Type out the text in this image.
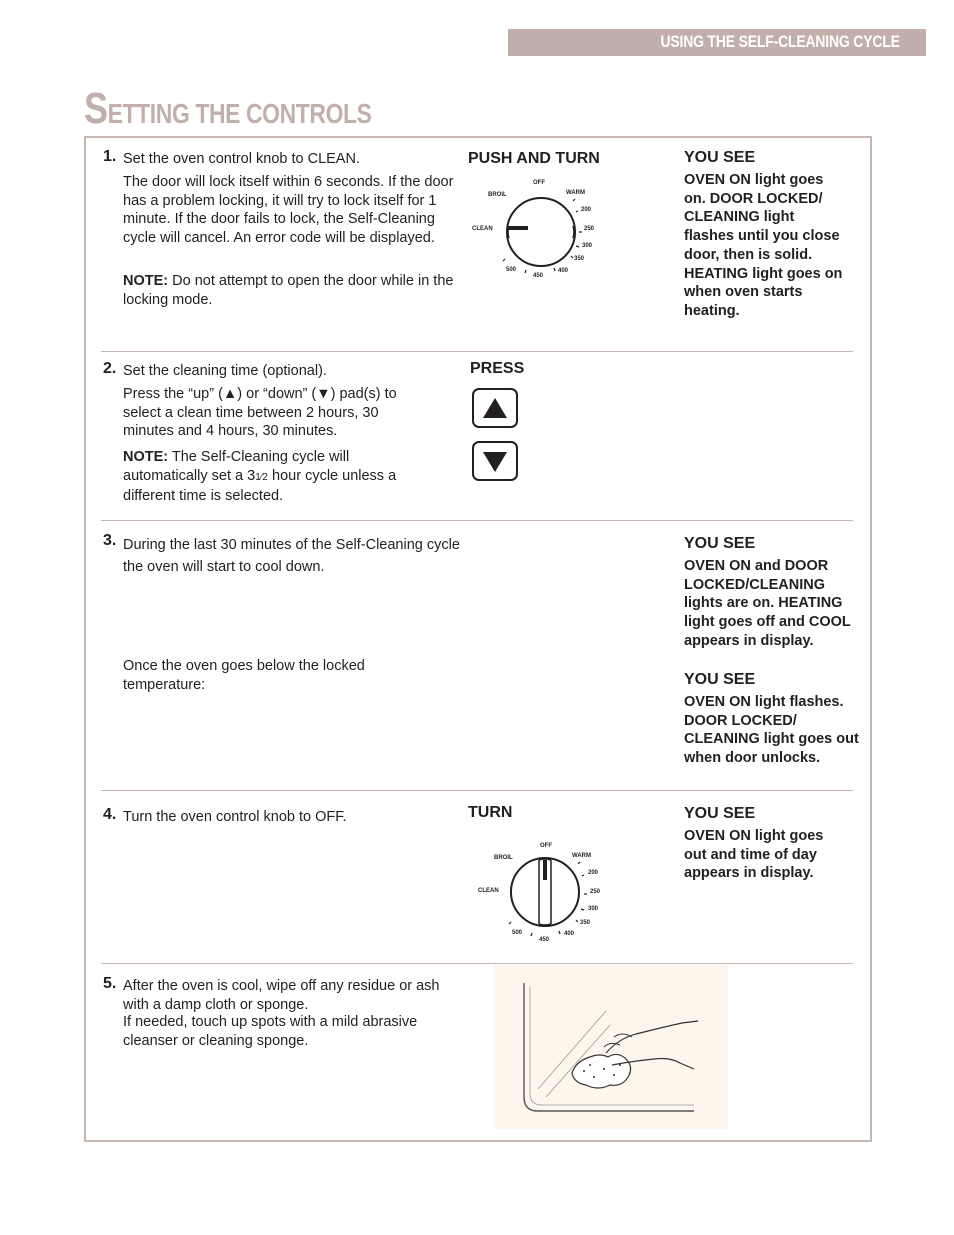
USING THE SELF-CLEANING CYCLE
SETTING THE CONTROLS
1. Set the oven control knob to CLEAN.
The door will lock itself within 6 seconds. If the door has a problem locking, it will try to lock itself for 1 minute. If the door fails to lock, the Self-Cleaning cycle will cancel. An error code will be displayed.
NOTE: Do not attempt to open the door while in the locking mode.
PUSH AND TURN	YOU SEE
OVEN ON light goes on. DOOR LOCKED/ CLEANING light flashes until you close door, then is solid. HEATING light goes on when oven starts heating.
OFF
BROIL	WARM
CLEAN
200
250
300
350
400
450
500
2. Set the cleaning time (optional).
Press the “up” (▲) or “down” (▼) pad(s) to select a clean time between 2 hours, 30 minutes and 4 hours, 30 minutes.
NOTE: The Self-Cleaning cycle will automatically set a 31⁄2 hour cycle unless a different time is selected.
PRESS
3. During the last 30 minutes of the Self-Cleaning cycle the oven will start to cool down.
Once the oven goes below the locked temperature:
YOU SEE
OVEN ON and DOOR LOCKED/CLEANING lights are on. HEATING light goes off and COOL appears in display.
YOU SEE
OVEN ON light flashes. DOOR LOCKED/ CLEANING light goes out when door unlocks.
4. Turn the oven control knob to OFF.	TURN	YOU SEE
OVEN ON light goes out and time of day appears in display.
OFF
BROIL	WARM
CLEAN
200
250
300
350
400
450
500
5. After the oven is cool, wipe off any residue or ash with a damp cloth or sponge.
If needed, touch up spots with a mild abrasive cleanser or cleaning sponge.
